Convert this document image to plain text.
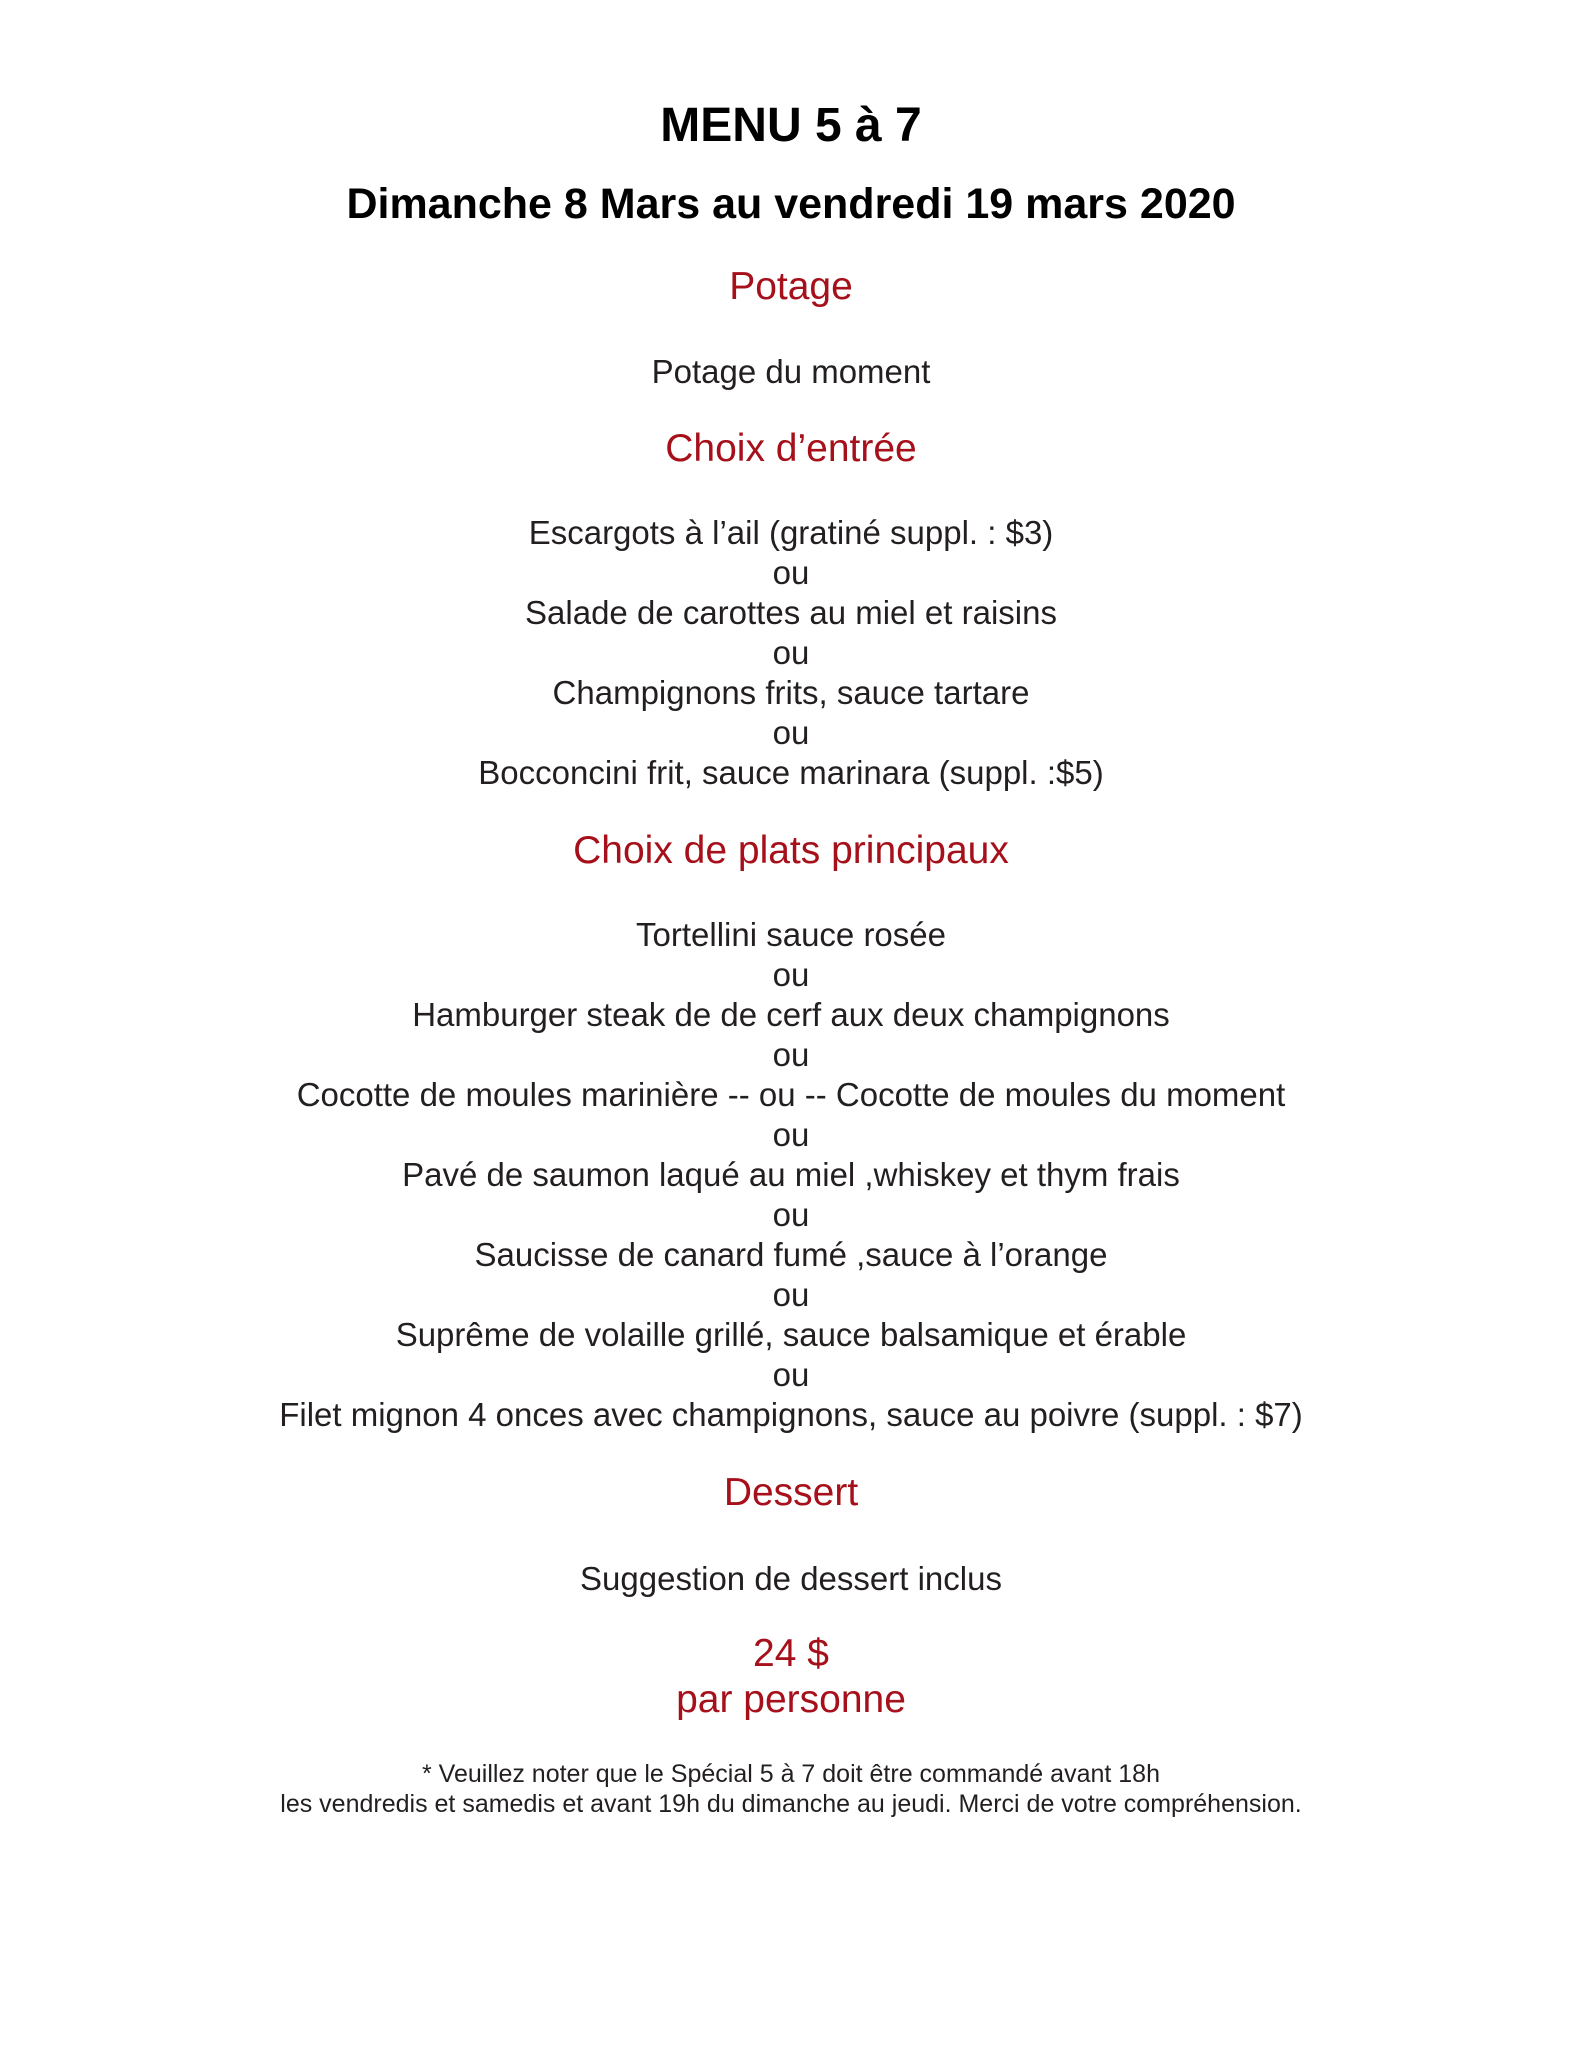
MENU 5 à 7
Dimanche 8 Mars au vendredi 19 mars 2020
Potage
Potage du moment
Choix d’entrée
Escargots à l’ail (gratiné suppl. : $3)
ou
Salade de carottes au miel et raisins
ou
Champignons frits, sauce tartare
ou
Bocconcini frit, sauce marinara (suppl. :$5)
Choix de plats principaux
Tortellini sauce rosée
ou
Hamburger steak de de cerf aux deux champignons
ou
Cocotte de moules marinière -- ou -- Cocotte de moules du moment
ou
Pavé de saumon laqué au miel ,whiskey et thym frais
ou
Saucisse de canard fumé ,sauce à l’orange
ou
Suprême de volaille grillé, sauce balsamique et érable
ou
Filet mignon 4 onces avec champignons, sauce au poivre (suppl. : $7)
Dessert
Suggestion de dessert inclus
24 $
par personne
* Veuillez noter que le Spécial 5 à 7 doit être commandé avant 18h
les vendredis et samedis et avant 19h du dimanche au jeudi. Merci de votre compréhension.
